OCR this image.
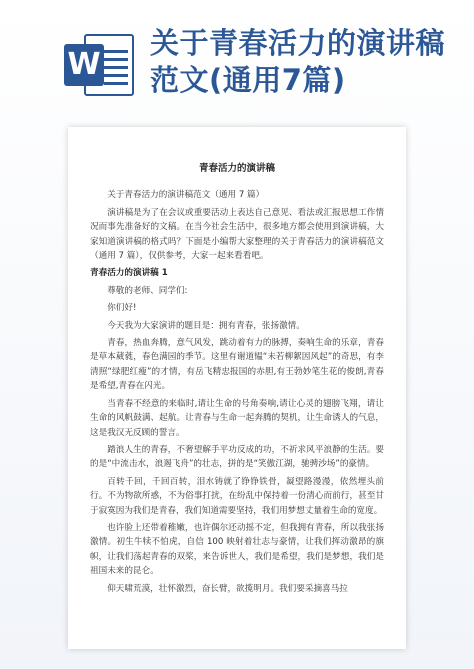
W
关于青春活力的演讲稿范文(通用7篇)
青春活力的演讲稿

关于青春活力的演讲稿范文（通用 7 篇）

演讲稿是为了在会议或重要活动上表达自己意见、看法或汇报思想工作情况而事先准备好的文稿。在当今社会生活中，很多地方都会使用到演讲稿，大家知道演讲稿的格式吗？下面是小编帮大家整理的关于青春活力的演讲稿范文（通用 7 篇），仅供参考，大家一起来看看吧。

青春活力的演讲稿 1

尊敬的老师、同学们:

你们好!

今天我为大家演讲的题目是：拥有青春，张扬激情。

青春，热血奔腾，意气风发，跳动着有力的脉搏，奏响生命的乐章，青春是草本葳蕤，春色满园的季节。这里有谢道韫“未若柳絮因风起”的奇思，有李清照“绿肥红瘦”的才情，有岳飞精忠报国的赤胆,有王勃妙笔生花的俊朗,青春是希望,青春在闪光。

当青春不经意的来临时,请让生命的号角奏响,请让心灵的翅膀飞翔，请让生命的风帆鼓满、起航。让青春与生命一起奔腾的契机，让生命诱人的气息，这是我汉无反顾的誓言。

踏浪人生的青春，不奢望解手平功反成的功，不祈求风平浪静的生活。要的是“中流击水，浪遏飞舟”的壮志，拼的是“笑傲江湖，驰骋沙场”的豪情。

百转千回，千回百转，泪水铸就了铮铮铁骨，凝望路漫漫，依然埋头前行。不为物欲所惑，不为俗事打扰，在纷乱中保持着一份清心而前行，甚至甘于寂寞因为我们是青春，我们知道需要坚持，我们用梦想丈量着生命的宽度。

也许脸上还带着稚嫩，也许偶尔还动摇不定，但我拥有青春，所以我张扬激情。初生牛犊不怕虎，自信 100 映射着壮志与豪情，让我们挥动激昂的旗帜，让我们荡起青春的双桨，来告诉世人，我们是希望，我们是梦想，我们是祖国未来的昆仑。

仰天啸荒漠，壮怀激烈，奋长臂，欲揽明月。我们要采摘喜马拉
